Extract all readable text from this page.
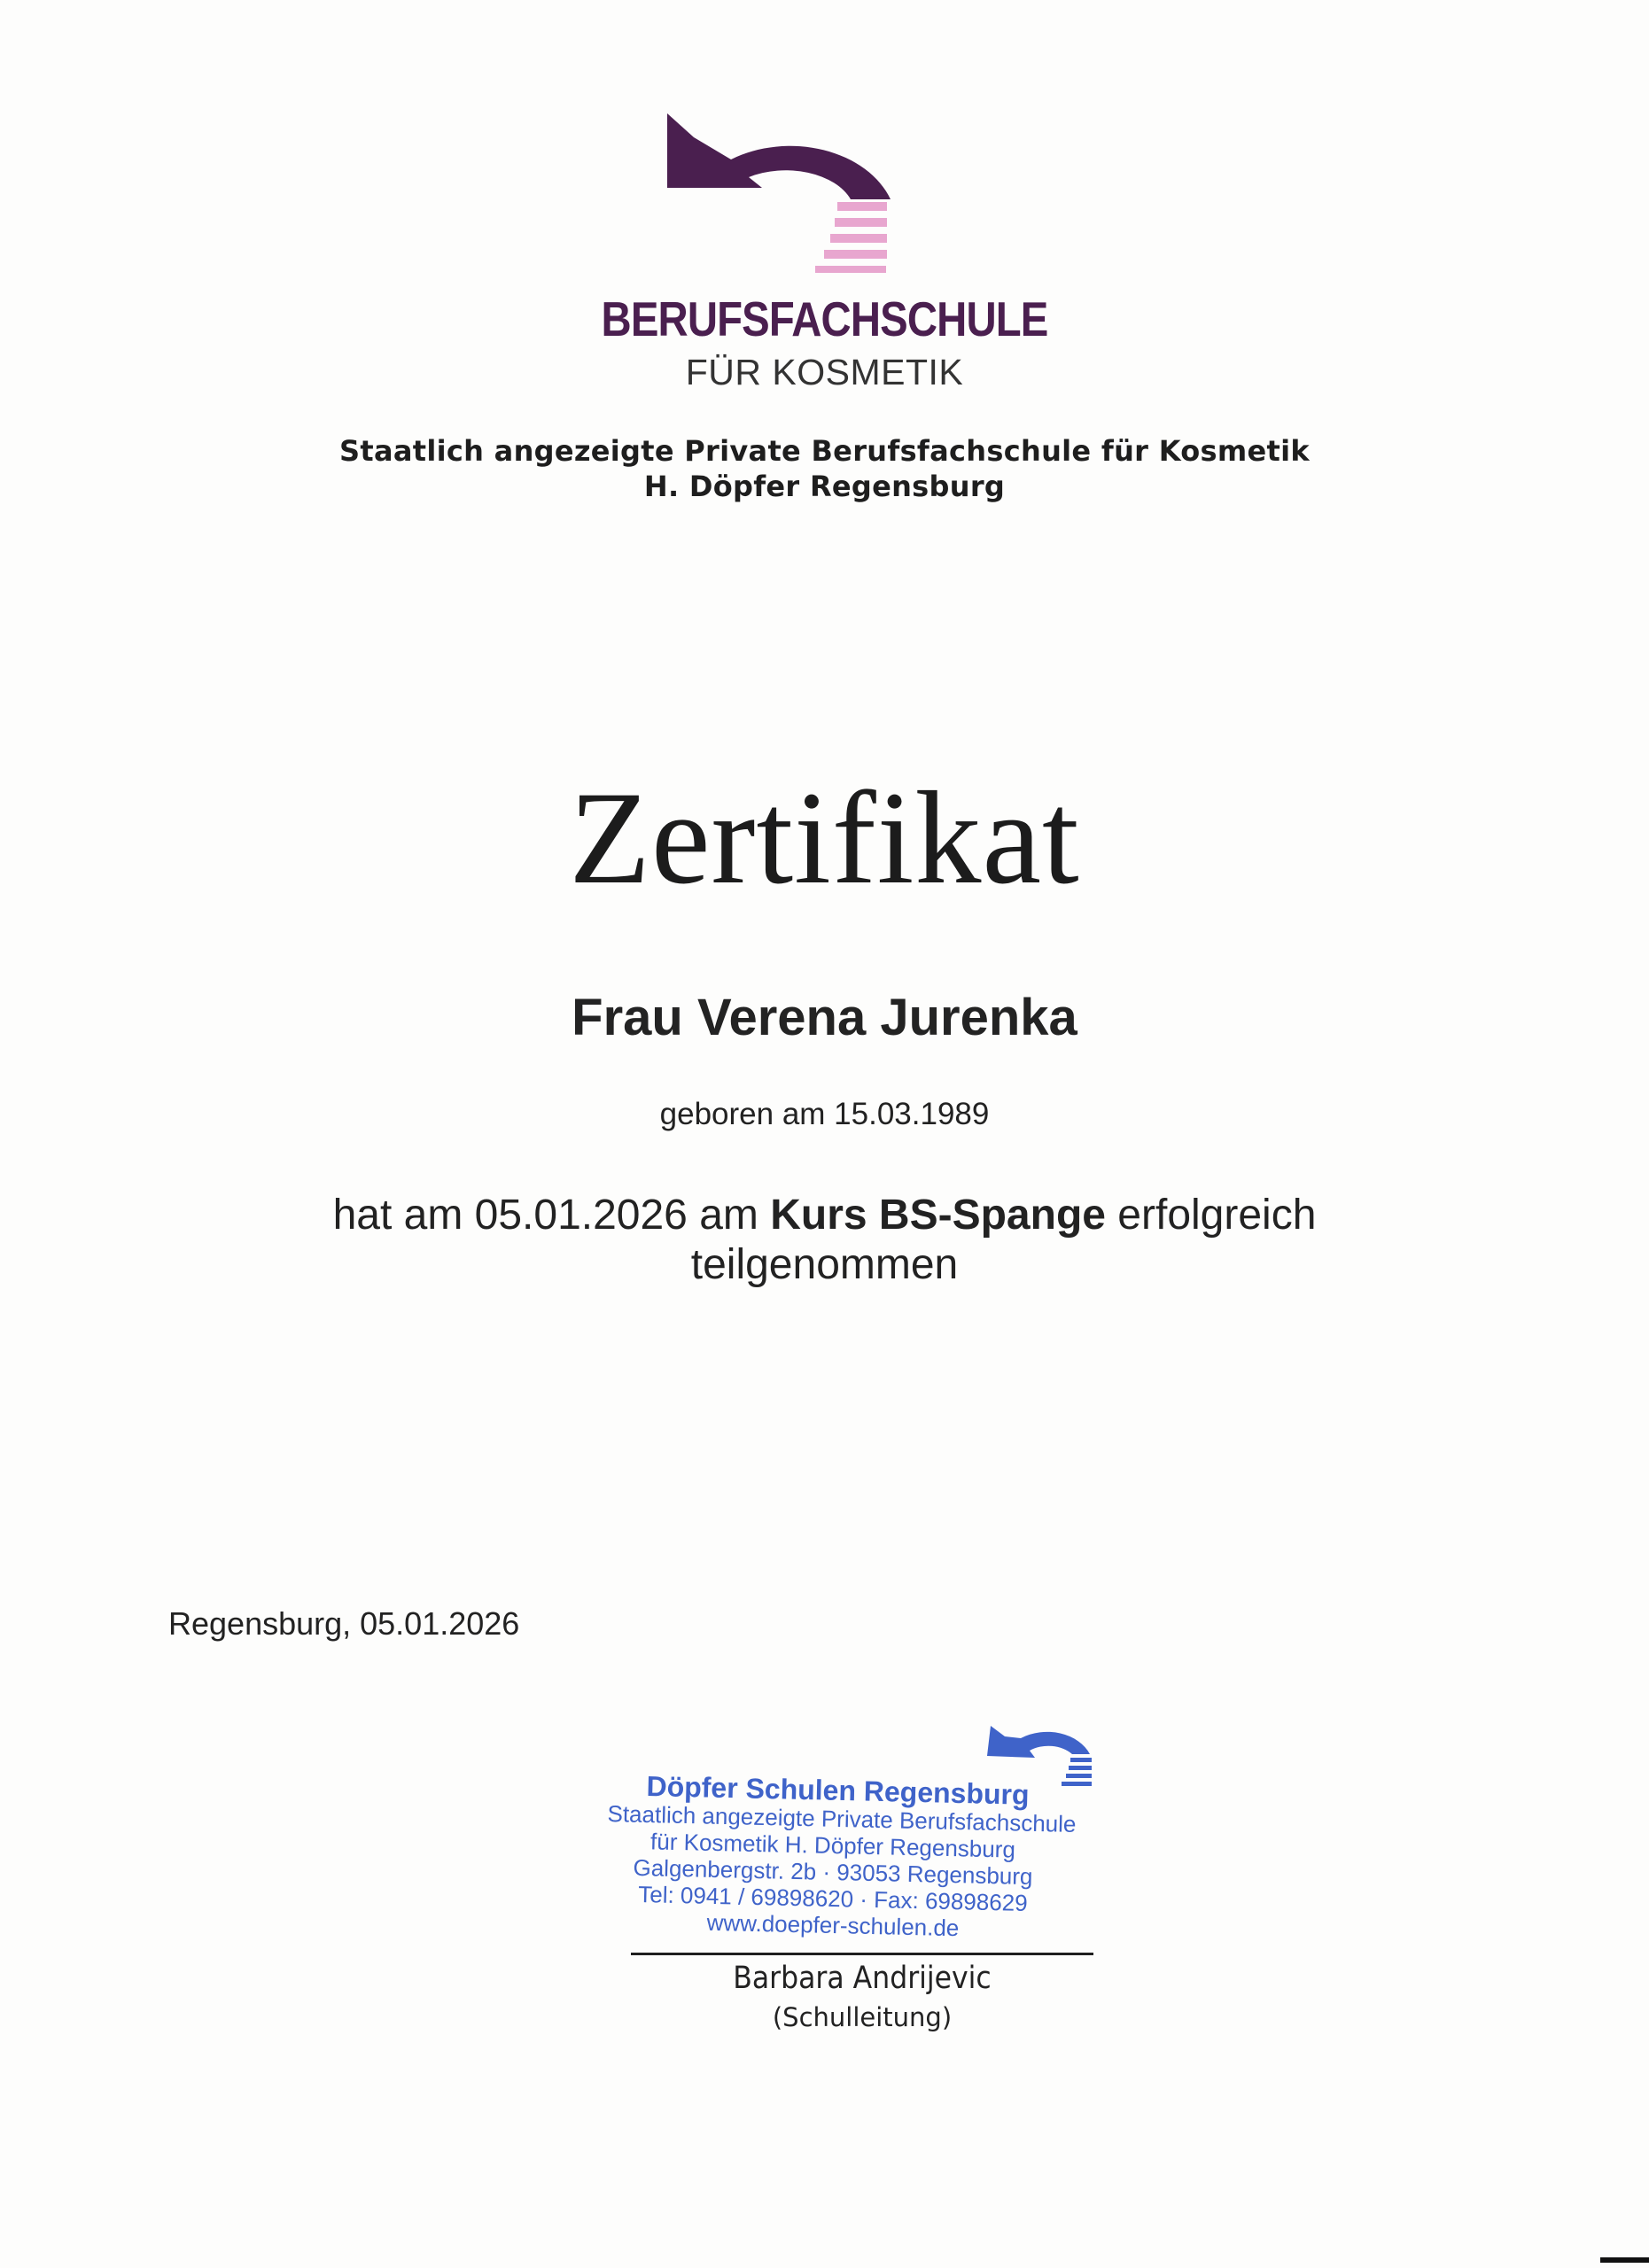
BERUFSFACHSCHULE
FÜR KOSMETIK
Staatlich angezeigte Private Berufsfachschule für Kosmetik
H. Döpfer Regensburg
Zertifikat
Frau Verena Jurenka
geboren am 15.03.1989
hat am 05.01.2026 am Kurs BS-Spange erfolgreich
teilgenommen
Regensburg, 05.01.2026
Döpfer Schulen Regensburg
Staatlich angezeigte Private Berufsfachschule
für Kosmetik H. Döpfer Regensburg
Galgenbergstr. 2b · 93053 Regensburg
Tel: 0941 / 69898620 · Fax: 69898629
www.doepfer-schulen.de
Barbara Andrijevic
(Schulleitung)
